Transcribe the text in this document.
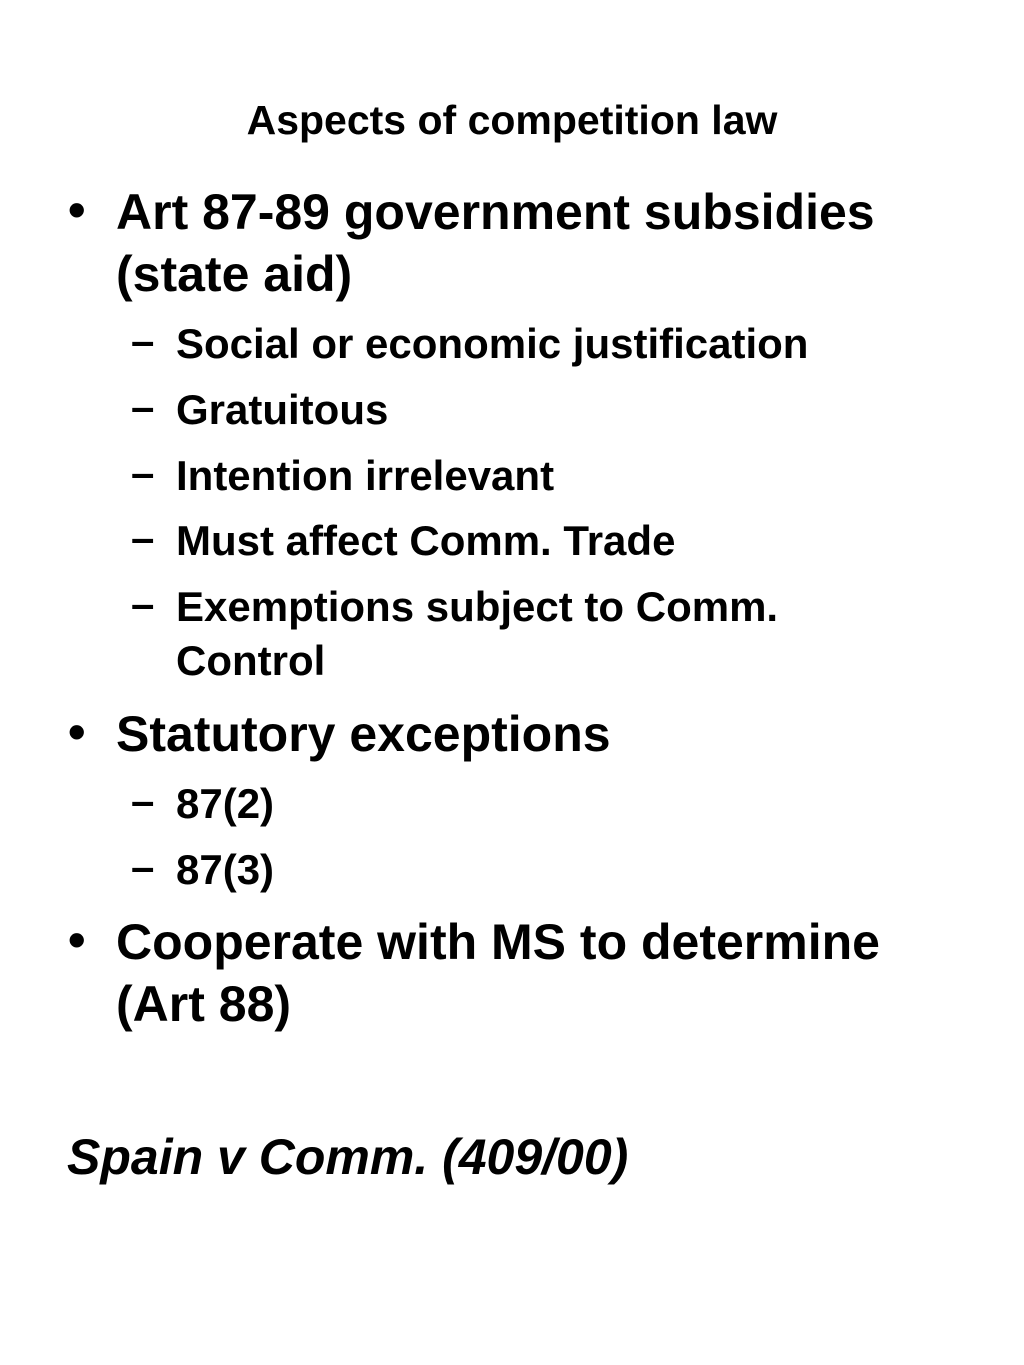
Aspects of competition law
• Art 87-89 government subsidies (state aid)
– Social or economic justification
– Gratuitous
– Intention irrelevant
– Must affect Comm. Trade
– Exemptions subject to Comm. Control
• Statutory exceptions
– 87(2)
– 87(3)
• Cooperate with MS to determine (Art 88)
Spain v Comm. (409/00)
